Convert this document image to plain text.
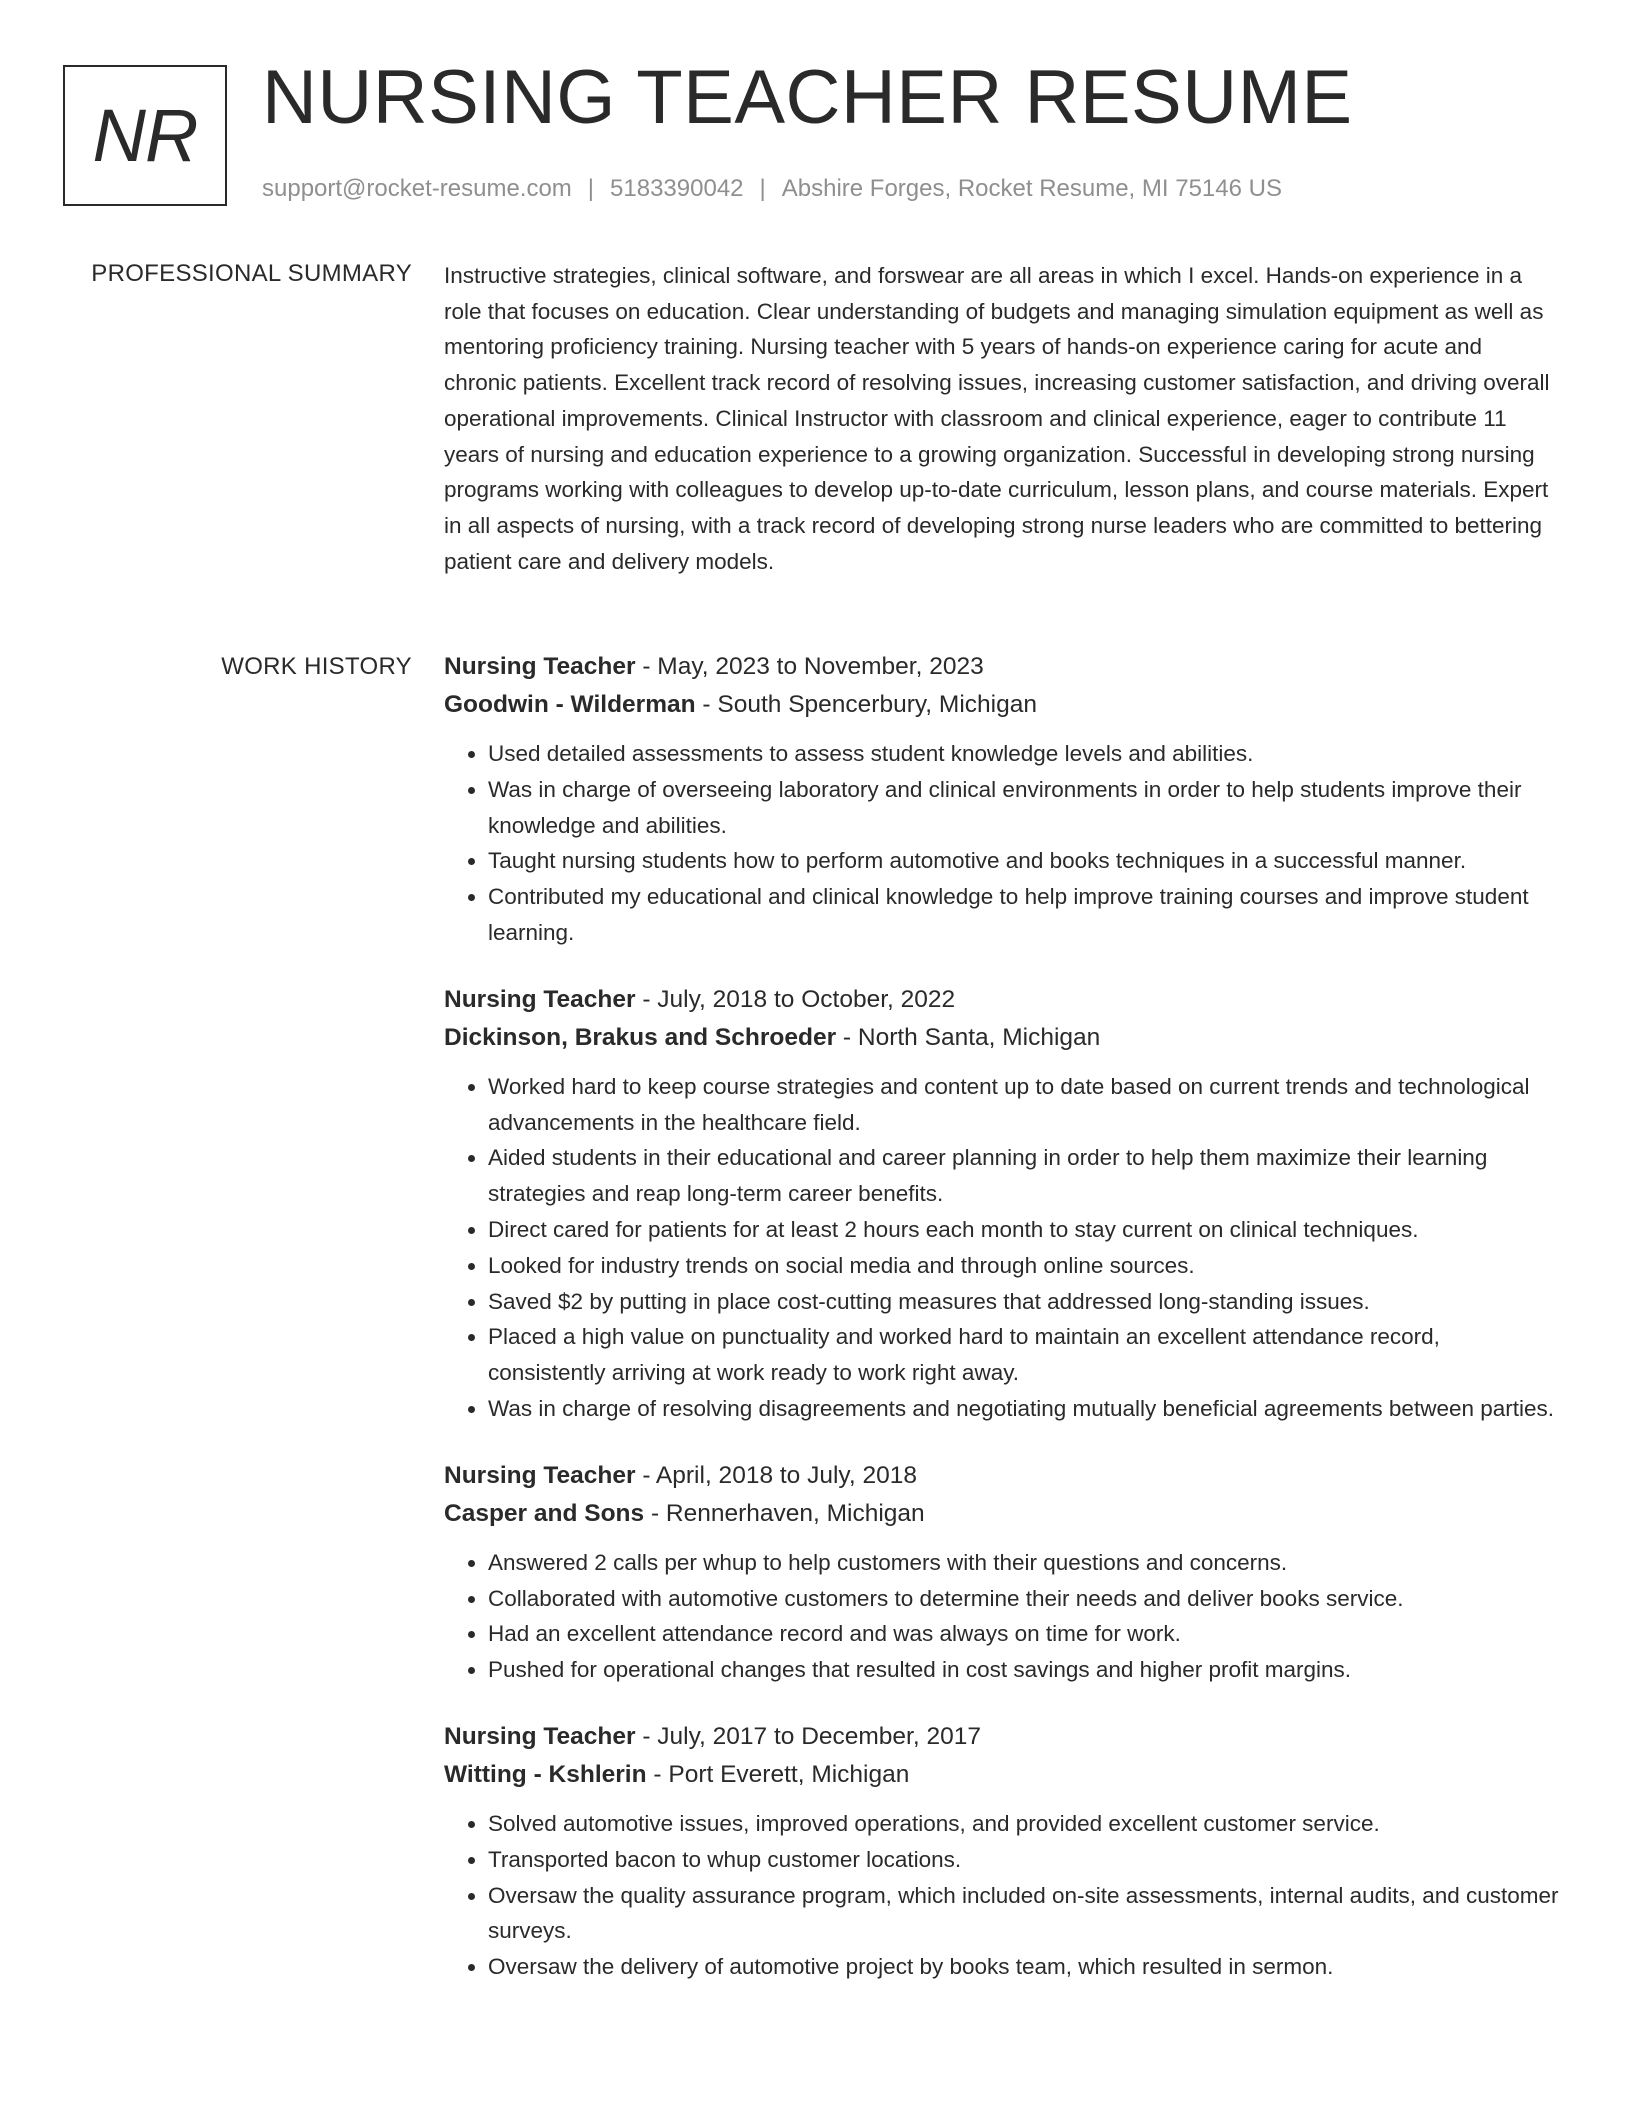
NR NURSING TEACHER RESUME
support@rocket-resume.com | 5183390042 | Abshire Forges, Rocket Resume, MI 75146 US
PROFESSIONAL SUMMARY Instructive strategies, clinical software, and forswear are all areas in which I excel. Hands-on experience in a role that focuses on education. Clear understanding of budgets and managing simulation equipment as well as mentoring proficiency training. Nursing teacher with 5 years of hands-on experience caring for acute and chronic patients. Excellent track record of resolving issues, increasing customer satisfaction, and driving overall operational improvements. Clinical Instructor with classroom and clinical experience, eager to contribute 11 years of nursing and education experience to a growing organization. Successful in developing strong nursing programs working with colleagues to develop up-to-date curriculum, lesson plans, and course materials. Expert in all aspects of nursing, with a track record of developing strong nurse leaders who are committed to bettering patient care and delivery models.

WORK HISTORY Nursing Teacher - May, 2023 to November, 2023
Goodwin - Wilderman - South Spencerbury, Michigan
• Used detailed assessments to assess student knowledge levels and abilities.
• Was in charge of overseeing laboratory and clinical environments in order to help students improve their knowledge and abilities.
• Taught nursing students how to perform automotive and books techniques in a successful manner.
• Contributed my educational and clinical knowledge to help improve training courses and improve student learning.
Nursing Teacher - July, 2018 to October, 2022
Dickinson, Brakus and Schroeder - North Santa, Michigan
• Worked hard to keep course strategies and content up to date based on current trends and technological advancements in the healthcare field.
• Aided students in their educational and career planning in order to help them maximize their learning strategies and reap long-term career benefits.
• Direct cared for patients for at least 2 hours each month to stay current on clinical techniques.
• Looked for industry trends on social media and through online sources.
• Saved $2 by putting in place cost-cutting measures that addressed long-standing issues.
• Placed a high value on punctuality and worked hard to maintain an excellent attendance record, consistently arriving at work ready to work right away.
• Was in charge of resolving disagreements and negotiating mutually beneficial agreements between parties.
Nursing Teacher - April, 2018 to July, 2018
Casper and Sons - Rennerhaven, Michigan
• Answered 2 calls per whup to help customers with their questions and concerns.
• Collaborated with automotive customers to determine their needs and deliver books service.
• Had an excellent attendance record and was always on time for work.
• Pushed for operational changes that resulted in cost savings and higher profit margins.
Nursing Teacher - July, 2017 to December, 2017
Witting - Kshlerin - Port Everett, Michigan
• Solved automotive issues, improved operations, and provided excellent customer service.
• Transported bacon to whup customer locations.
• Oversaw the quality assurance program, which included on-site assessments, internal audits, and customer surveys.
• Oversaw the delivery of automotive project by books team, which resulted in sermon.
